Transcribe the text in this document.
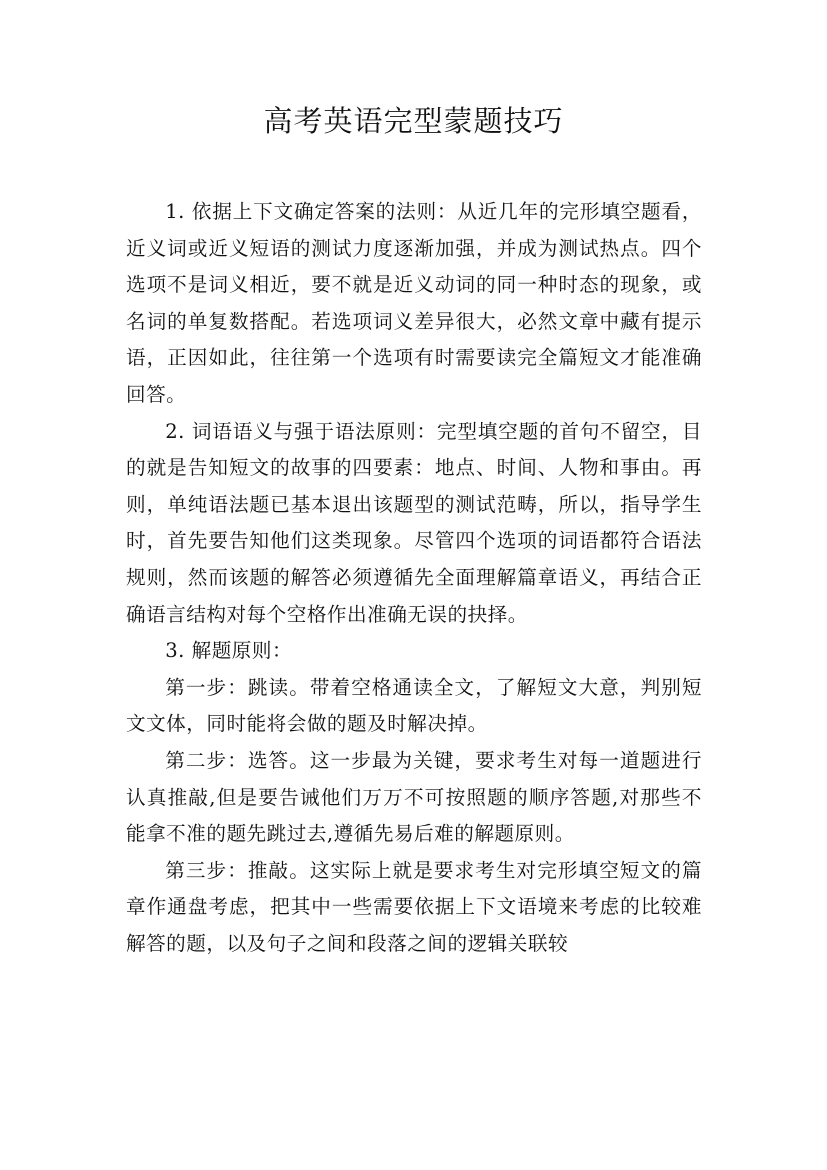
高考英语完型蒙题技巧

1. 依据上下文确定答案的法则：从近几年的完形填空题看，近义词或近义短语的测试力度逐渐加强，并成为测试热点。四个选项不是词义相近，要不就是近义动词的同一种时态的现象，或名词的单复数搭配。若选项词义差异很大，必然文章中藏有提示语，正因如此，往往第一个选项有时需要读完全篇短文才能准确回答。

2. 词语语义与强于语法原则：完型填空题的首句不留空，目的就是告知短文的故事的四要素：地点、时间、人物和事由。再则，单纯语法题已基本退出该题型的测试范畴，所以，指导学生时，首先要告知他们这类现象。尽管四个选项的词语都符合语法规则，然而该题的解答必须遵循先全面理解篇章语义，再结合正确语言结构对每个空格作出准确无误的抉择。

3. 解题原则：

第一步：跳读。带着空格通读全文，了解短文大意，判别短文文体，同时能将会做的题及时解决掉。

第二步：选答。这一步最为关键，要求考生对每一道题进行认真推敲,但是要告诫他们万万不可按照题的顺序答题,对那些不能拿不准的题先跳过去,遵循先易后难的解题原则。

第三步：推敲。这实际上就是要求考生对完形填空短文的篇章作通盘考虑，把其中一些需要依据上下文语境来考虑的比较难解答的题，以及句子之间和段落之间的逻辑关联较
